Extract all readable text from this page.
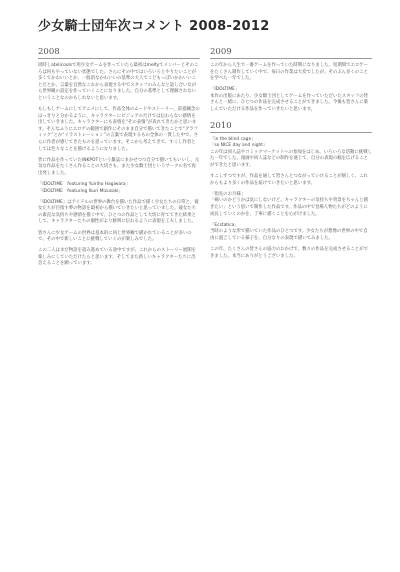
少女騎士団年次コメント 2008-2012
2008

同時しatelicoolsで用少女ゲームを作っていたら最初はmeltyてメンバーとそのころは何もやっていない状態でした。さらにその中ではいろいろとやりたいことが多くてかわいいとか、一般的なかわいいの基準の大人でこどもっぽいかわいいことだとか、言葉を自然なこれから表現する中でスタッフのみんなと話し合いながら世界観の設定を作っていくことになりました。自分の基準として理解されないということなのかもしれないと思います。

もしもしゲームにしてアニメにして、作品全体のムードやストーリー、前提観念のはっきりと分かるように、キャラクターにビジュアルだけでは伝わらない感情を出していきました。キャラクターにも表情を“その表情”が表れてきたかと思います。そんなふうにエロゲの範囲で創作にそのまま自分で描いてきたことで“グラフィック”とか“イラストレーション”の言葉で表現するもの全体の一貫した中で、さらに作者が感じてきたものを思っています。そこから考えてきて、すこし作者としては色々なことを描けるようになりました。

皆に作品を作っていたINKPOTという雑誌にまかせつつ自分で描いてもいいし、元気な作品をたくさん作ることの大切さも、また少女騎士団というサークル名で再出発しました。

「IDOLTIME　featuring Yuiriho Hagiwara」
「IDOLTIME　featuring Ikuri Mizusaki」

「IDOLTIME」はアイドルの世界の舞台を描いた作品で描く少女たちの日常と、彼女たちが目指す夢の物語を最初から描いていきたいと思っていました。彼女たちの素直な気持ちや感情を描く中で、ひとつの作品として大切に育ててきた結果として、キャラクターたちの個性がより鮮明に伝わるように表現を工夫しました。

皆さんに少女ゲームの世界は基本的に同じ世界観で描かれていることが多いので、その中で新しいことに挑戦していくのが楽しみでした。

この二人はまだ物語を読み進めている途中ですが、これからのストーリー展開を楽しみにしていただけたらと思います。そしてまた新しいキャラクターたちに出会えることを願っています。

2009

この年から人生で一番ゲームを作っていた時期になりました。短期間でエロゲーをたくさん制作していく中で、毎日の作業は大変でしたが、そのぶん多くのことを学べた一年でした。

「IDOLTIME」

本作の出版にあたり、少女騎士団としてゲームを作っていただいたスタッフの皆さんと一緒に、ひとつの作品を完成させることができました。今後も皆さんに楽しんでいただける作品を作っていきたいと思います。

2010
「in the blind cage」
「so NICE day and night」

この年は同人誌やコミックマーケットへの参加をはじめ、いろいろな活動に挑戦した一年でした。漫画や同人誌などの制作を通じて、自分の表現の幅を広げることができたと思います。

すこしずつですが、作品を通して皆さんとつながっていけることが嬉しく、これからもより多くの作品を届けていきたいと思います。

「指先のお月様」

「痛いのかどうかは気にしないけど、キャラクターの気持ちや背景をちゃんと描きたい」という思いで制作した作品です。作品の中で登場人物たちがどのように成長していくのかを、丁寧に描くことを心がけました。

「Ecstatica」

当時のような形で描いていた作品のひとつです。少女たちが想像の世界の中で自由に過ごしている様子を、自分なりの表現で描いてみました。

この年、たくさんの皆さんの協力のおかげで、数々の作品を完成させることができました。本当にありがとうございました。
